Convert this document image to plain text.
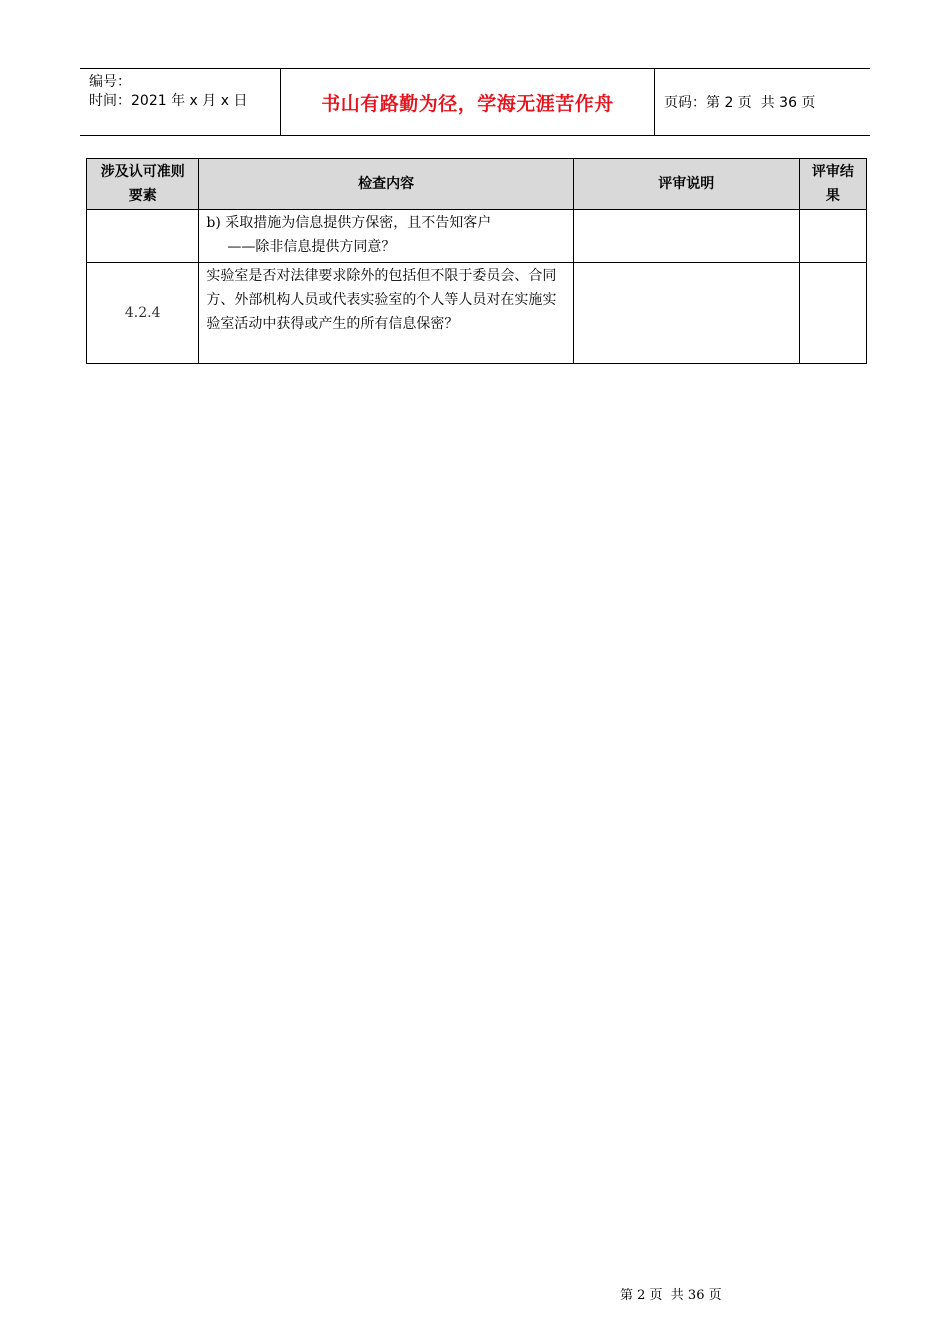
编号：
时间：2021 年 x 月 x 日	书山有路勤为径，学海无涯苦作舟	页码：第 2 页  共 36 页
涉及认可准则要素	检查内容	评审说明	评审结果

	b) 采取措施为信息提供方保密，且不告知客户
——除非信息提供方同意？		

4.2.4	实验室是否对法律要求除外的包括但不限于委员会、合同方、外部机构人员或代表实验室的个人等人员对在实施实验室活动中获得或产生的所有信息保密？		
第 2 页  共 36 页
